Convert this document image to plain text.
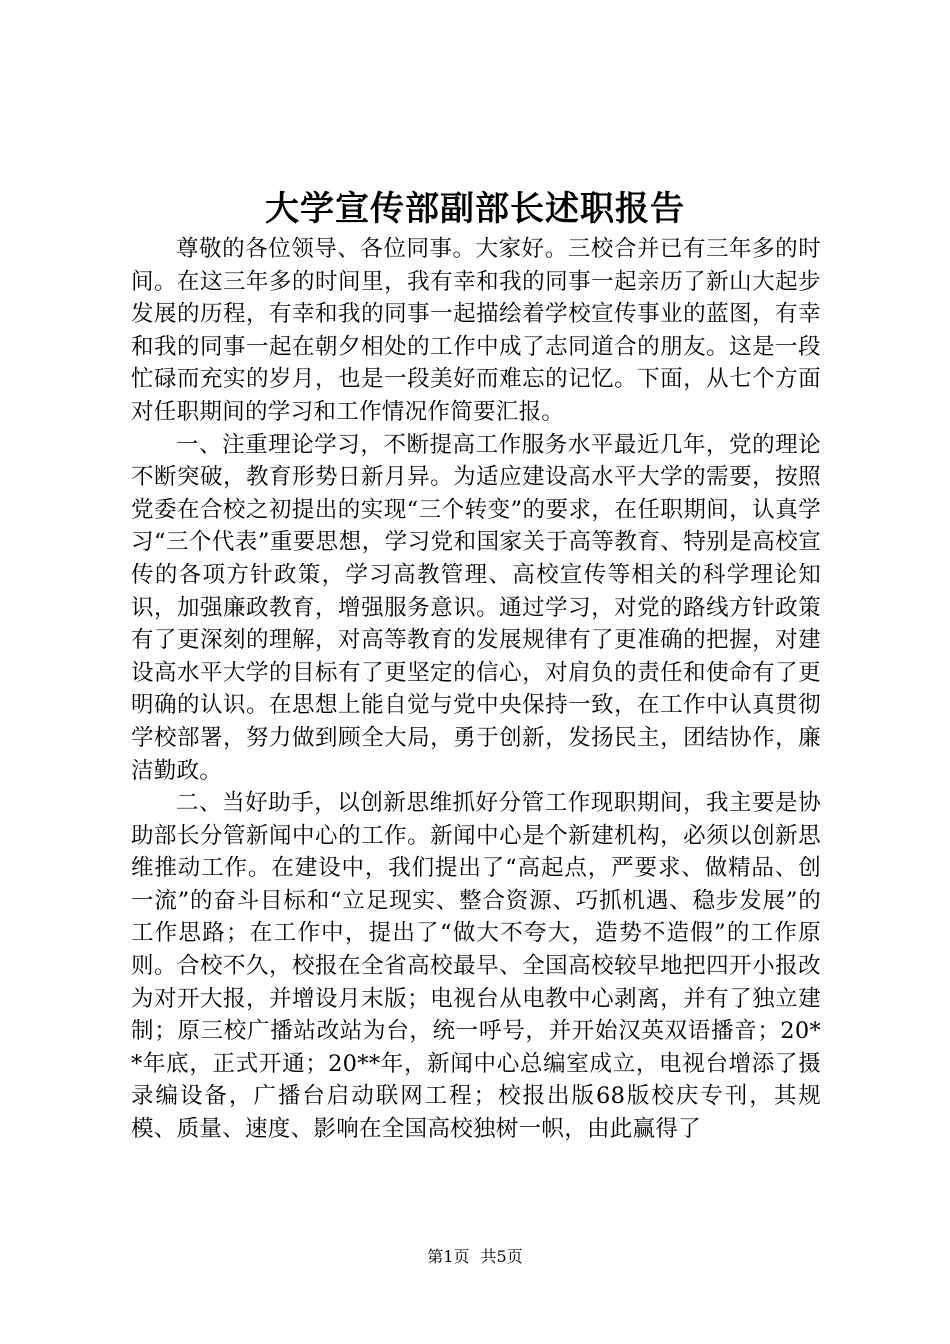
大学宣传部副部长述职报告

尊敬的各位领导、各位同事。大家好。三校合并已有三年多的时间。在这三年多的时间里，我有幸和我的同事一起亲历了新山大起步发展的历程，有幸和我的同事一起描绘着学校宣传事业的蓝图，有幸和我的同事一起在朝夕相处的工作中成了志同道合的朋友。这是一段忙碌而充实的岁月，也是一段美好而难忘的记忆。下面，从七个方面对任职期间的学习和工作情况作简要汇报。

一、注重理论学习，不断提高工作服务水平最近几年，党的理论不断突破，教育形势日新月异。为适应建设高水平大学的需要，按照党委在合校之初提出的实现“三个转变”的要求，在任职期间，认真学习“三个代表”重要思想，学习党和国家关于高等教育、特别是高校宣传的各项方针政策，学习高教管理、高校宣传等相关的科学理论知识，加强廉政教育，增强服务意识。通过学习，对党的路线方针政策有了更深刻的理解，对高等教育的发展规律有了更准确的把握，对建设高水平大学的目标有了更坚定的信心，对肩负的责任和使命有了更明确的认识。在思想上能自觉与党中央保持一致，在工作中认真贯彻学校部署，努力做到顾全大局，勇于创新，发扬民主，团结协作，廉洁勤政。

二、当好助手，以创新思维抓好分管工作现职期间，我主要是协助部长分管新闻中心的工作。新闻中心是个新建机构，必须以创新思维推动工作。在建设中，我们提出了“高起点，严要求、做精品、创一流”的奋斗目标和“立足现实、整合资源、巧抓机遇、稳步发展”的工作思路；在工作中，提出了“做大不夸大，造势不造假”的工作原则。合校不久，校报在全省高校最早、全国高校较早地把四开小报改为对开大报，并增设月末版；电视台从电教中心剥离，并有了独立建制；原三校广播站改站为台，统一呼号，并开始汉英双语播音；20**年底，正式开通；20**年，新闻中心总编室成立，电视台增添了摄录编设备，广播台启动联网工程；校报出版68版校庆专刊，其规模、质量、速度、影响在全国高校独树一帜，由此赢得了

第1页 共5页
